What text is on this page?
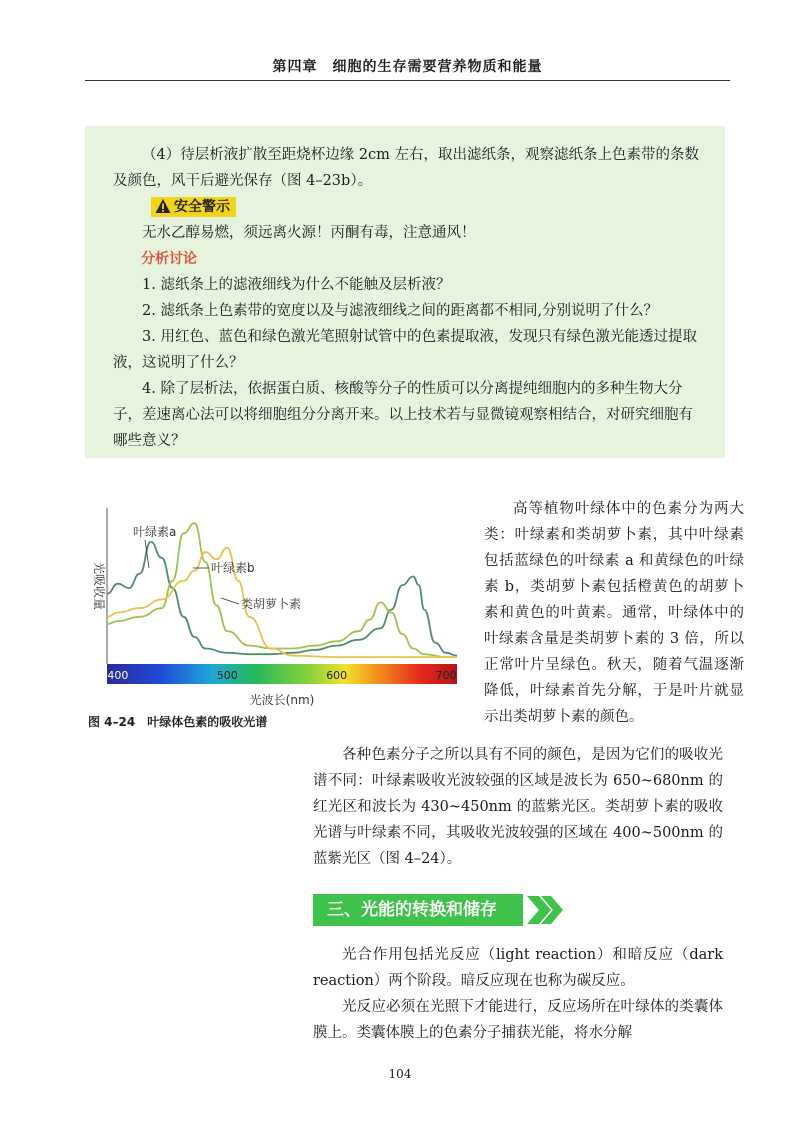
第四章　细胞的生存需要营养物质和能量

（4）待层析液扩散至距烧杯边缘 2cm 左右，取出滤纸条，观察滤纸条上色素带的条数及颜色，风干后避光保存（图 4–23b）。

安全警示

无水乙醇易燃，须远离火源！丙酮有毒，注意通风！

分析讨论

1. 滤纸条上的滤液细线为什么不能触及层析液？

2. 滤纸条上色素带的宽度以及与滤液细线之间的距离都不相同,分别说明了什么？

3. 用红色、蓝色和绿色激光笔照射试管中的色素提取液，发现只有绿色激光能透过提取液，这说明了什么？

4. 除了层析法，依据蛋白质、核酸等分子的性质可以分离提纯细胞内的多种生物大分子，差速离心法可以将细胞组分分离开来。以上技术若与显微镜观察相结合，对研究细胞有哪些意义？

400	500	600	700
光吸收量
光波长(nm)
叶绿素a
叶绿素b
类胡萝卜素
图 4–24　叶绿体色素的吸收光谱

高等植物叶绿体中的色素分为两大类：叶绿素和类胡萝卜素，其中叶绿素包括蓝绿色的叶绿素 a 和黄绿色的叶绿素 b，类胡萝卜素包括橙黄色的胡萝卜素和黄色的叶黄素。通常，叶绿体中的叶绿素含量是类胡萝卜素的 3 倍，所以正常叶片呈绿色。秋天，随着气温逐渐降低，叶绿素首先分解，于是叶片就显示出类胡萝卜素的颜色。

各种色素分子之所以具有不同的颜色，是因为它们的吸收光谱不同：叶绿素吸收光波较强的区域是波长为 650~680nm 的红光区和波长为 430~450nm 的蓝紫光区。类胡萝卜素的吸收光谱与叶绿素不同，其吸收光波较强的区域在 400~500nm 的蓝紫光区（图 4–24）。

三、光能的转换和储存

光合作用包括光反应（light reaction）和暗反应（dark reaction）两个阶段。暗反应现在也称为碳反应。

光反应必须在光照下才能进行，反应场所在叶绿体的类囊体膜上。类囊体膜上的色素分子捕获光能，将水分解

104
